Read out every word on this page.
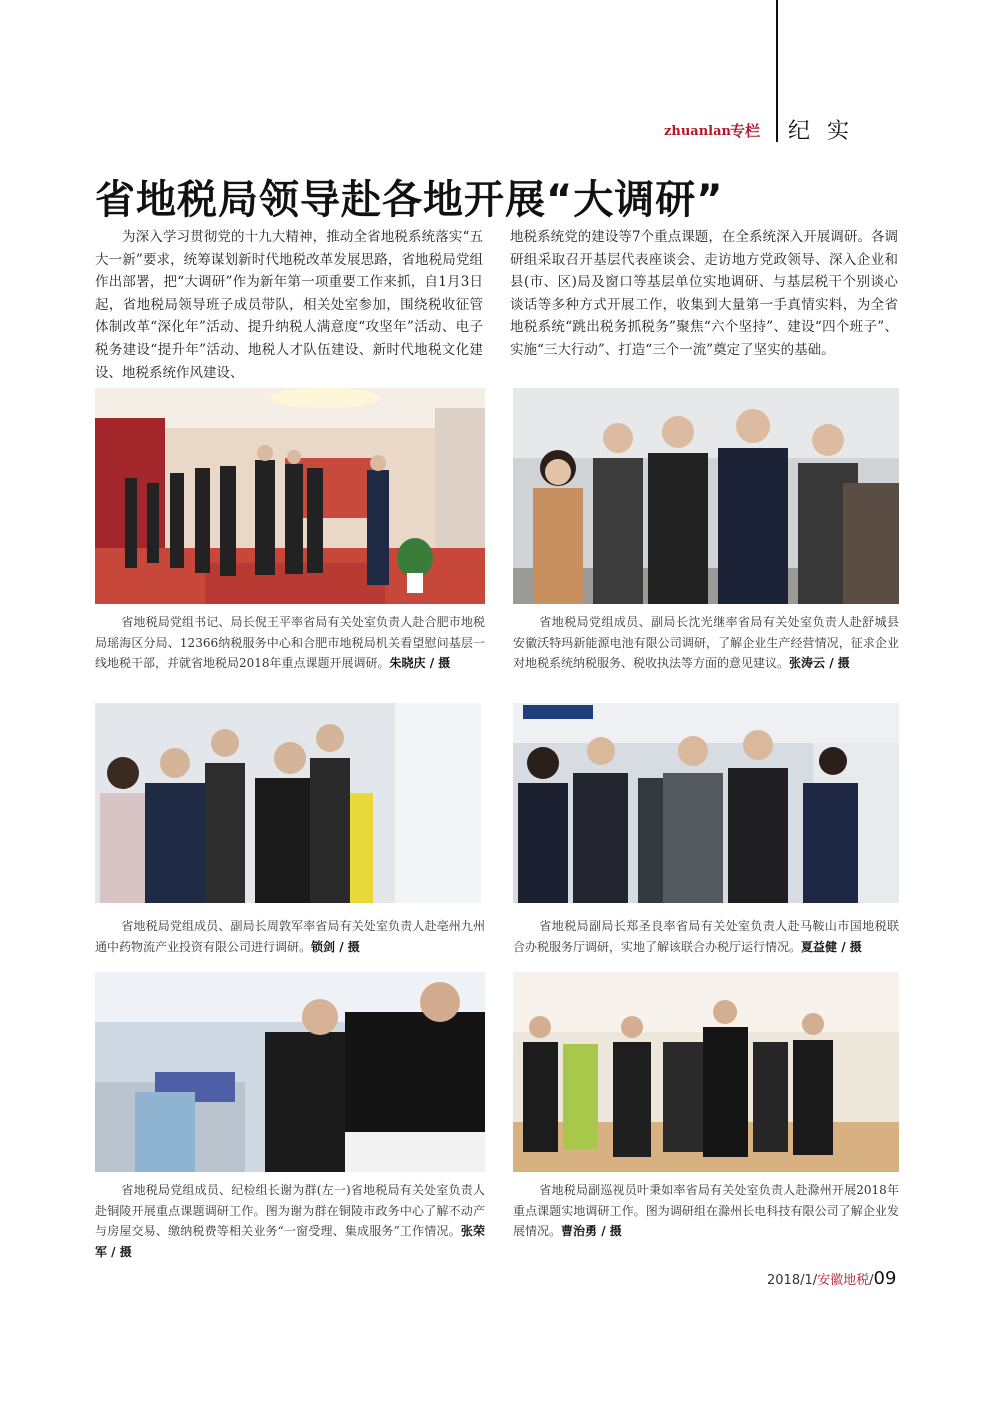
zhuanlan 专栏 纪 实
省地税局领导赴各地开展“大调研”

为深入学习贯彻党的十九大精神，推动全省地税系统落实“五大一新”要求，统筹谋划新时代地税改革发展思路，省地税局党组作出部署，把“大调研”作为新年第一项重要工作来抓，自1月3日起，省地税局领导班子成员带队，相关处室参加，围绕税收征管体制改革“深化年”活动、提升纳税人满意度“攻坚年”活动、电子税务建设“提升年”活动、地税人才队伍建设、新时代地税文化建设、地税系统作风建设、

地税系统党的建设等7个重点课题，在全系统深入开展调研。各调研组采取召开基层代表座谈会、走访地方党政领导、深入企业和县(市、区)局及窗口等基层单位实地调研、与基层税干个别谈心谈话等多种方式开展工作，收集到大量第一手真情实料，为全省地税系统“跳出税务抓税务”聚焦“六个坚持”、建设“四个班子”、实施“三大行动”、打造“三个一流”奠定了坚实的基础。

省地税局党组书记、局长倪王平率省局有关处室负责人赴合肥市地税局瑶海区分局、12366纳税服务中心和合肥市地税局机关看望慰问基层一线地税干部，并就省地税局2018年重点课题开展调研。朱晓庆 / 摄

省地税局党组成员、副局长沈光继率省局有关处室负责人赴舒城县安徽沃特玛新能源电池有限公司调研，了解企业生产经营情况，征求企业对地税系统纳税服务、税收执法等方面的意见建议。张涛云 / 摄

省地税局党组成员、副局长周敦军率省局有关处室负责人赴亳州九州通中药物流产业投资有限公司进行调研。锁剑 / 摄

省地税局副局长郑圣良率省局有关处室负责人赴马鞍山市国地税联合办税服务厅调研，实地了解该联合办税厅运行情况。夏益健 / 摄

省地税局党组成员、纪检组长谢为群(左一)省地税局有关处室负责人赴铜陵开展重点课题调研工作。图为谢为群在铜陵市政务中心了解不动产与房屋交易、缴纳税费等相关业务“一窗受理、集成服务”工作情况。张荣军 / 摄

省地税局副巡视员叶秉如率省局有关处室负责人赴滁州开展2018年重点课题实地调研工作。图为调研组在滁州长电科技有限公司了解企业发展情况。曹治勇 / 摄

2018/1/安徽地税/09
